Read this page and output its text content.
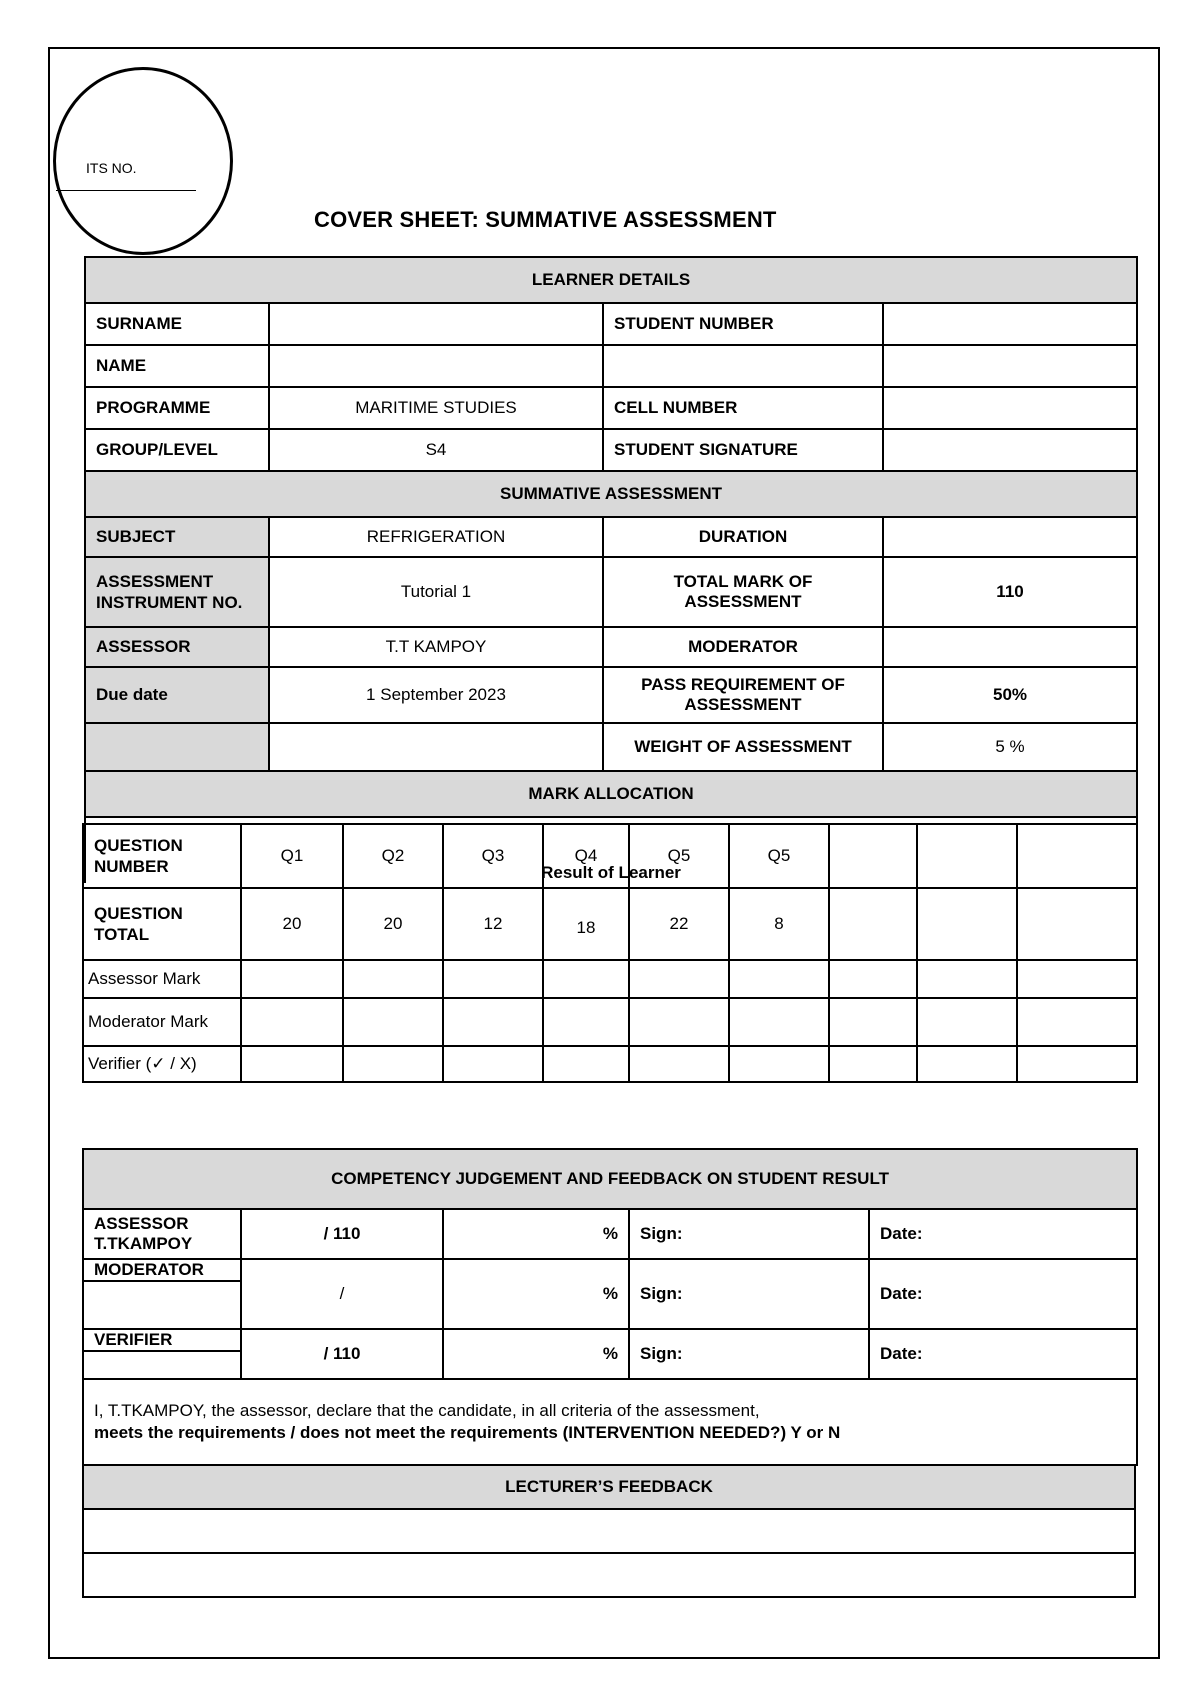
ITS NO.
COVER SHEET: SUMMATIVE ASSESSMENT
LEARNER DETAILS			
SURNAME		STUDENT NUMBER	
NAME			
PROGRAMME	MARITIME STUDIES	CELL NUMBER	
GROUP/LEVEL	S4	STUDENT SIGNATURE	
SUMMATIVE ASSESSMENT			
SUBJECT	REFRIGERATION	DURATION	
ASSESSMENT INSTRUMENT NO.	Tutorial 1	TOTAL MARK OF ASSESSMENT	110
ASSESSOR	T.T KAMPOY	MODERATOR	
Due date	1 September 2023	PASS REQUIREMENT OF ASSESSMENT	50%
		WEIGHT OF ASSESSMENT	5 %
MARK ALLOCATION			
Result of Learner			
QUESTION NUMBER	Q1	Q2	Q3	Q4	Q5	Q5			
QUESTION TOTAL	20	20	12	18	22	8			
Assessor Mark									
Moderator Mark									
Verifier (✓ / X)									
COMPETENCY JUDGEMENT AND FEEDBACK ON STUDENT RESULT				

ASSESSOR
T.TKAMPOY	/ 110	%	Sign:	Date:

MODERATOR	/	%	Sign:	Date:

VERIFIER	/ 110	%	Sign:	Date:

I, T.TKAMPOY, the assessor, declare that the candidate, in all criteria of the assessment,
meets the requirements / does not meet the requirements (INTERVENTION NEEDED?) Y or N				
LECTURER’S FEEDBACK
